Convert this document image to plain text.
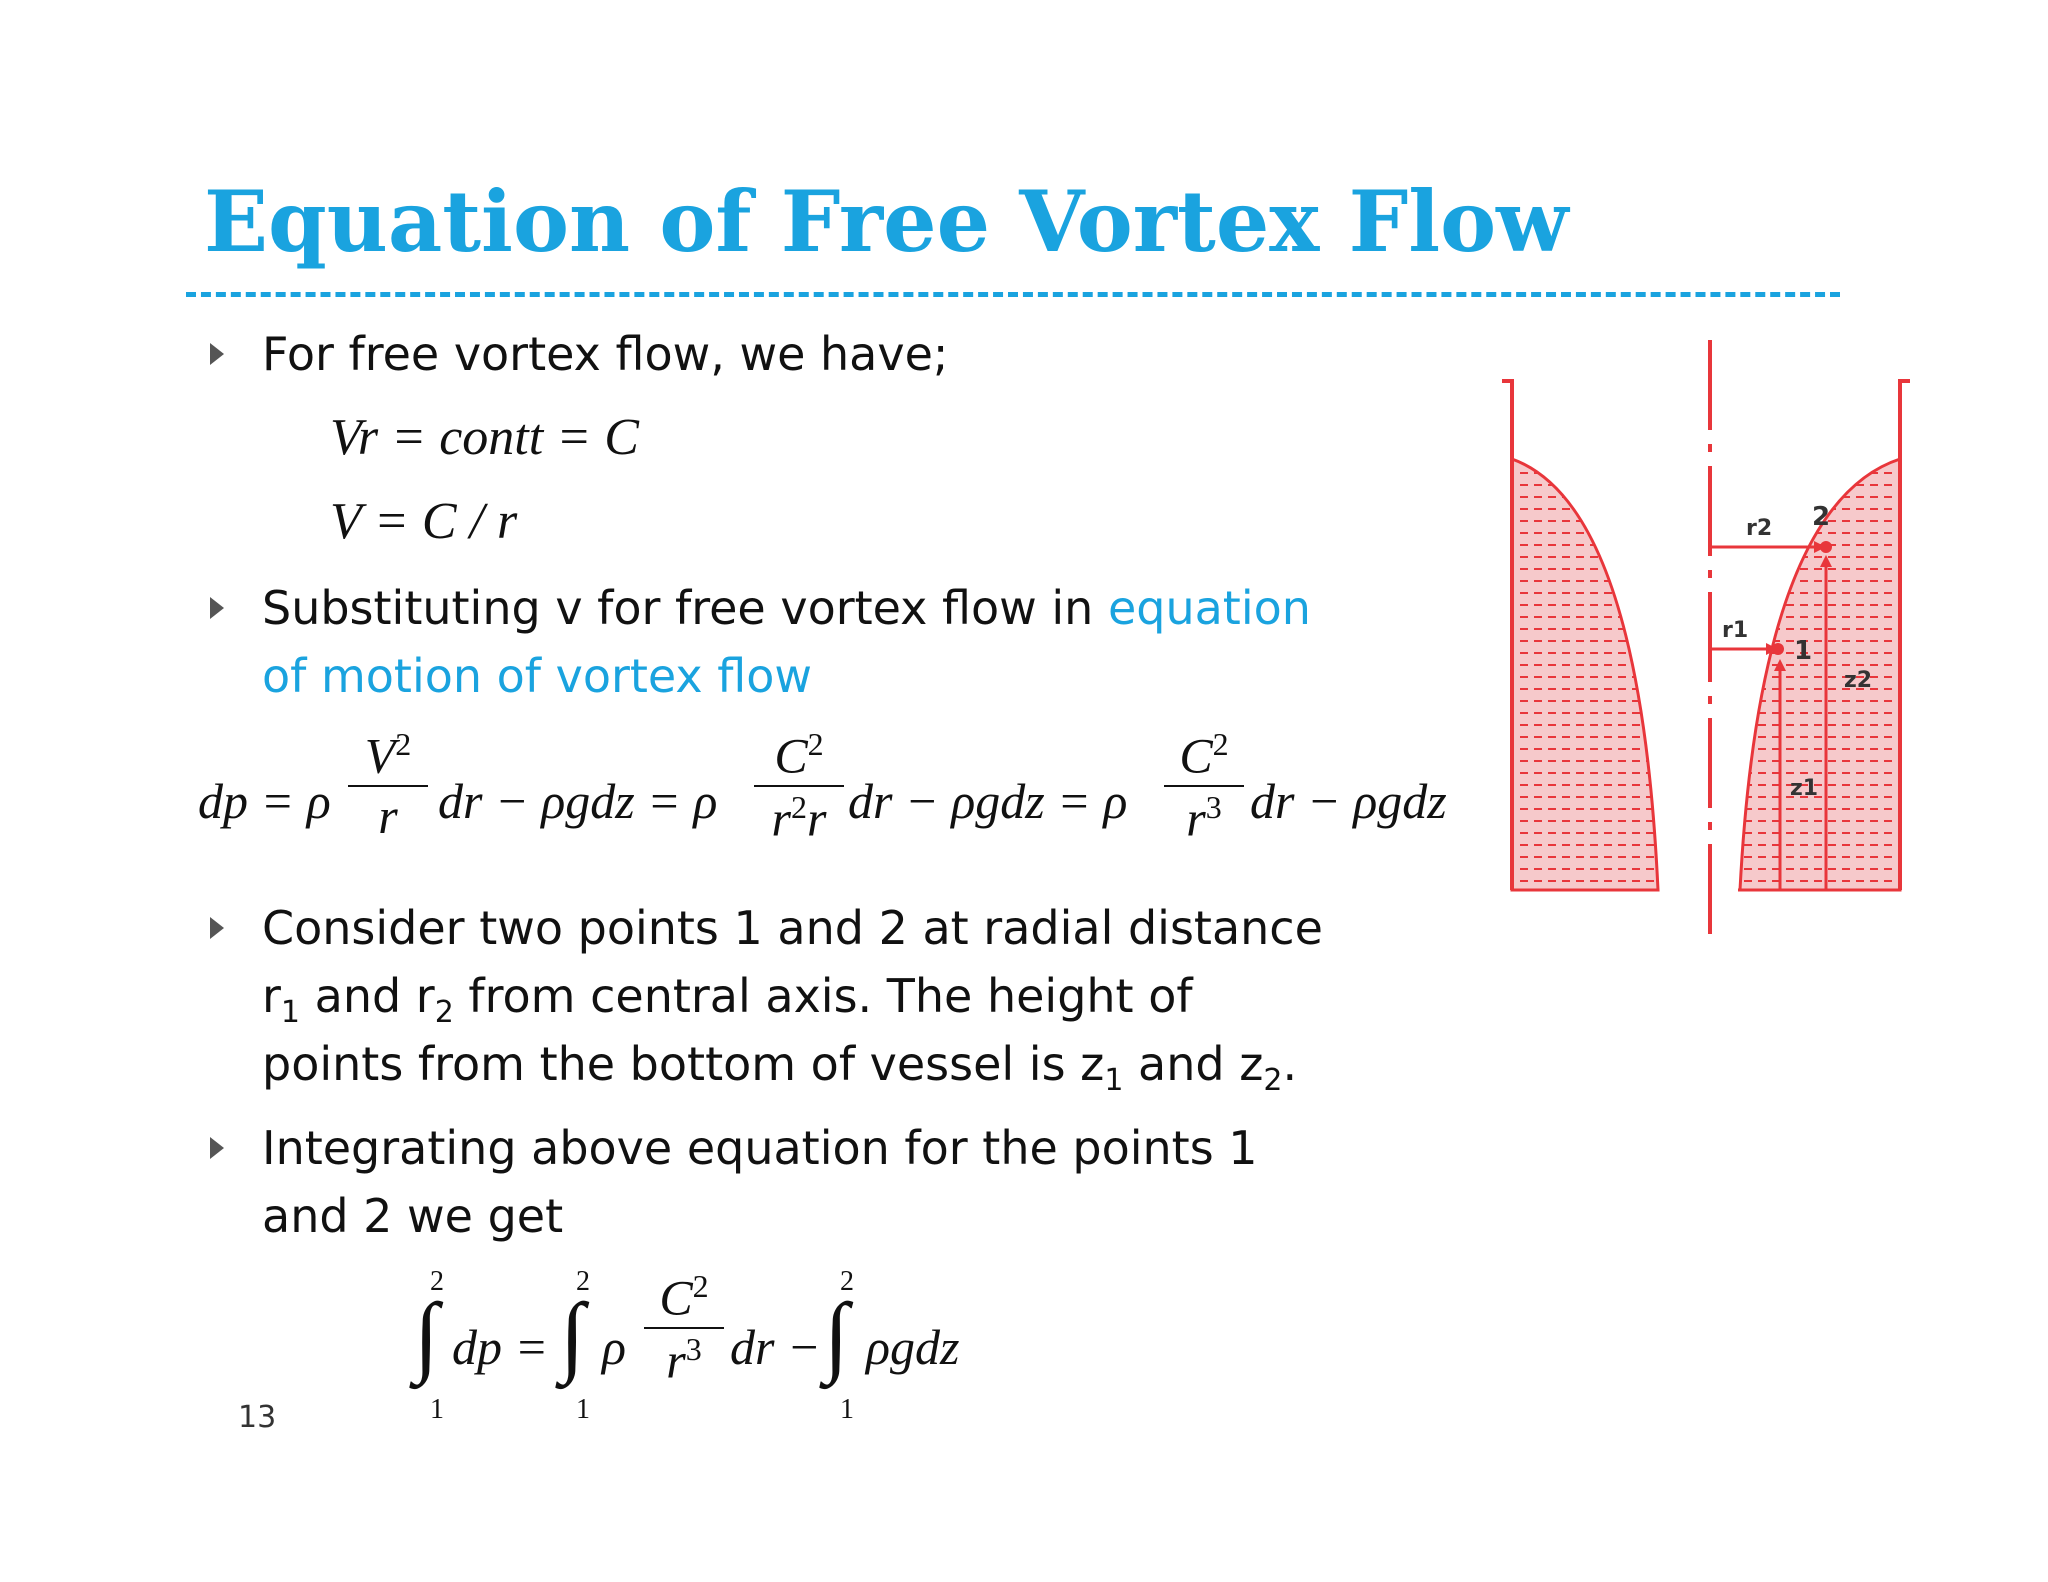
Equation of Free Vortex Flow
For free vortex flow, we have;
Vr = contt = C
V = C / r
Substituting v for free vortex flow in equation
of motion of vortex flow
dp = ρ
$V^2$
r dr − ρgdz = ρ
$C^2$
$r^2r$ dr − ρgdz = ρ
$C^2$
$r^3$ dr − ρgdz
Consider two points 1 and 2 at radial distance
$r_1$ and $r_2$ from central axis. The height of
points from the bottom of vessel is $z_1$ and $z_2$.
Integrating above equation for the points 1
and 2 we get
2
∫
1
dp =
2
∫
1
ρ
$C^2$
$r^3$ dr −
2
∫
1
ρgdz
13
r2 2
r1
1
z2
z1
